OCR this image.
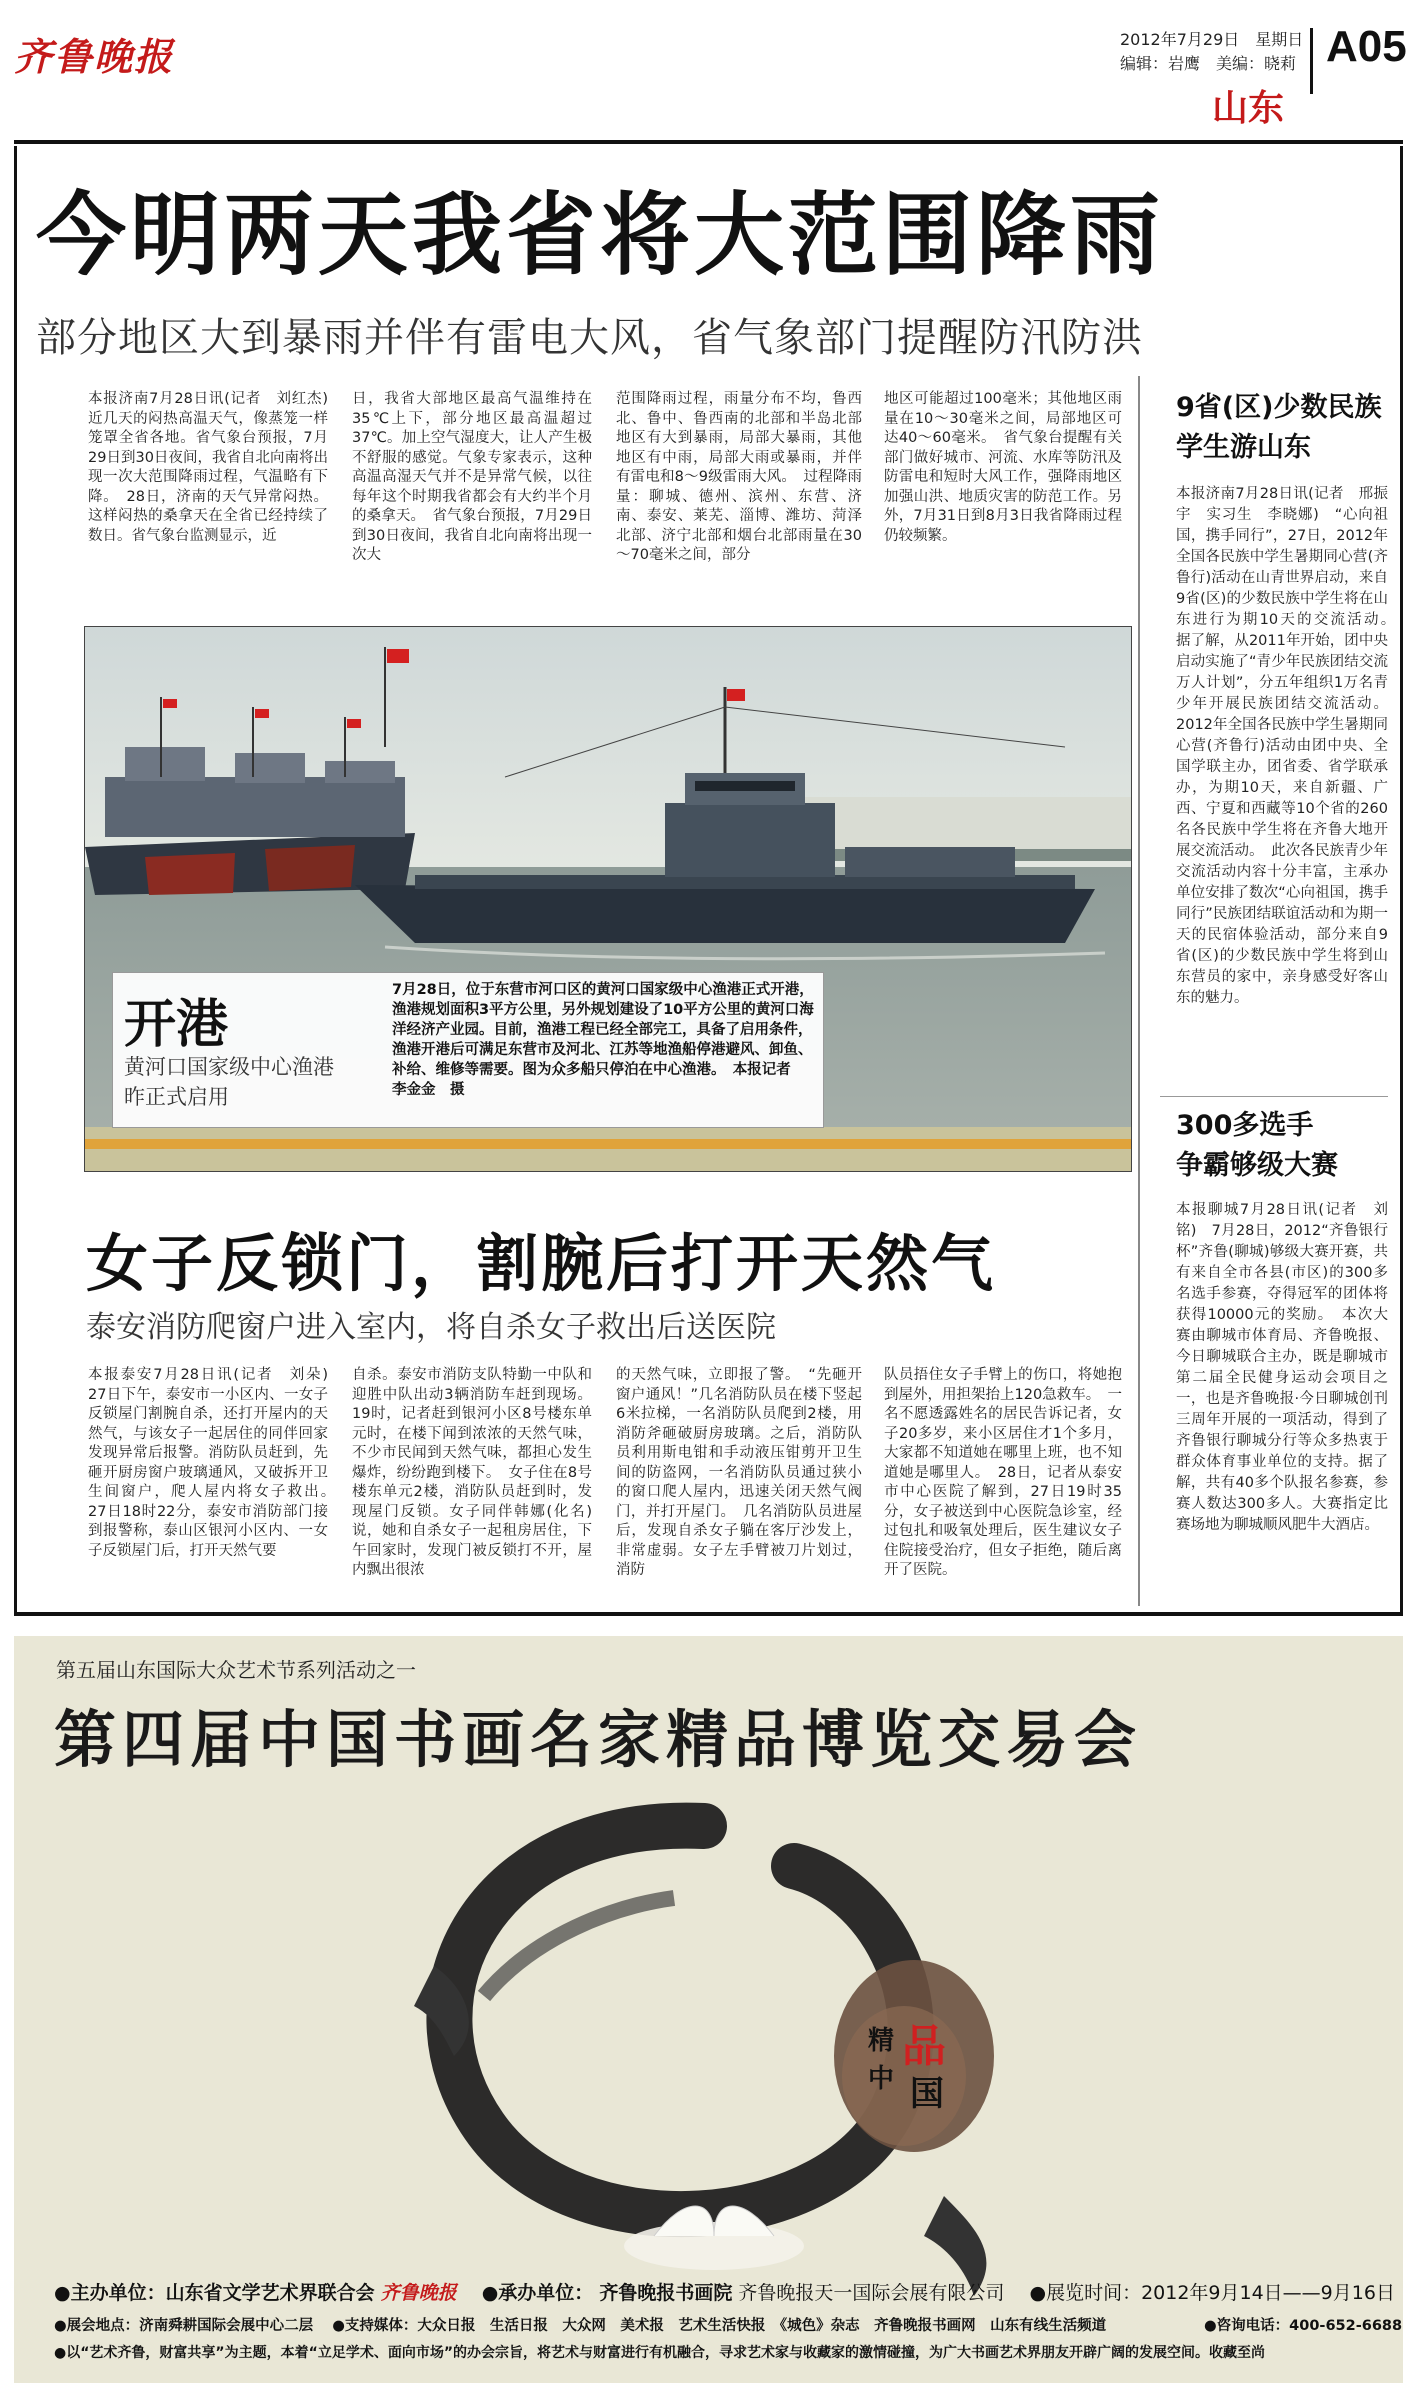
齐鲁晚报	2012年7月29日　星期日
编辑：岩鹰　美编：晓莉 A05
山东
今明两天我省将大范围降雨
部分地区大到暴雨并伴有雷电大风，省气象部门提醒防汛防洪
本报济南7月28日讯(记者　刘红杰)　近几天的闷热高温天气，像蒸笼一样笼罩全省各地。省气象台预报，7月29日到30日夜间，我省自北向南将出现一次大范围降雨过程，气温略有下降。　28日，济南的天气异常闷热。这样闷热的桑拿天在全省已经持续了数日。省气象台监测显示，近
日，我省大部地区最高气温维持在35℃上下，部分地区最高温超过37℃。加上空气湿度大，让人产生极不舒服的感觉。气象专家表示，这种高温高湿天气并不是异常气候，以往每年这个时期我省都会有大约半个月的桑拿天。　省气象台预报，7月29日到30日夜间，我省自北向南将出现一次大
范围降雨过程，雨量分布不均，鲁西北、鲁中、鲁西南的北部和半岛北部地区有大到暴雨，局部大暴雨，其他地区有中雨，局部大雨或暴雨，并伴有雷电和8～9级雷雨大风。　过程降雨量：聊城、德州、滨州、东营、济南、泰安、莱芜、淄博、潍坊、菏泽北部、济宁北部和烟台北部雨量在30～70毫米之间，部分
地区可能超过100毫米；其他地区雨量在10～30毫米之间，局部地区可达40～60毫米。　省气象台提醒有关部门做好城市、河流、水库等防汛及防雷电和短时大风工作，强降雨地区加强山洪、地质灾害的防范工作。另外，7月31日到8月3日我省降雨过程仍较频繁。
开港
黄河口国家级中心渔港
昨正式启用
7月28日，位于东营市河口区的黄河口国家级中心渔港正式开港，渔港规划面积3平方公里，另外规划建设了10平方公里的黄河口海洋经济产业园。目前，渔港工程已经全部完工，具备了启用条件，渔港开港后可满足东营市及河北、江苏等地渔船停港避风、卸鱼、补给、维修等需要。图为众多船只停泊在中心渔港。　本报记者　李金金　摄
女子反锁门，割腕后打开天然气
泰安消防爬窗户进入室内，将自杀女子救出后送医院
本报泰安7月28日讯(记者　刘朵)　27日下午，泰安市一小区内、一女子反锁屋门割腕自杀，还打开屋内的天然气，与该女子一起居住的同伴回家发现异常后报警。消防队员赶到，先砸开厨房窗户玻璃通风，又破拆开卫生间窗户，爬人屋内将女子救出。　27日18时22分，泰安市消防部门接到报警称，泰山区银河小区内、一女子反锁屋门后，打开天然气要
自杀。泰安市消防支队特勤一中队和迎胜中队出动3辆消防车赶到现场。19时，记者赶到银河小区8号楼东单元时，在楼下闻到浓浓的天然气味，不少市民闻到天然气味，都担心发生爆炸，纷纷跑到楼下。　女子住在8号楼东单元2楼，消防队员赶到时，发现屋门反锁。女子同伴韩娜(化名)说，她和自杀女子一起租房居住，下午回家时，发现门被反锁打不开，屋内飘出很浓
的天然气味，立即报了警。　“先砸开窗户通风！”几名消防队员在楼下竖起6米拉梯，一名消防队员爬到2楼，用消防斧砸破厨房玻璃。之后，消防队员利用斯电钳和手动液压钳剪开卫生间的防盗网，一名消防队员通过狭小的窗口爬人屋内，迅速关闭天然气阀门，并打开屋门。　几名消防队员进屋后，发现自杀女子躺在客厅沙发上，非常虚弱。女子左手臂被刀片划过，消防
队员捂住女子手臂上的伤口，将她抱到屋外，用担架抬上120急救车。　一名不愿透露姓名的居民告诉记者，女子20多岁，来小区居住才1个多月，大家都不知道她在哪里上班，也不知道她是哪里人。　28日，记者从泰安市中心医院了解到，27日19时35分，女子被送到中心医院急诊室，经过包扎和吸氧处理后，医生建议女子住院接受治疗，但女子拒绝，随后离开了医院。
9省(区)少数民族
学生游山东
本报济南7月28日讯(记者　邢振宇　实习生　李晓娜)　“心向祖国，携手同行”，27日，2012年全国各民族中学生暑期同心营(齐鲁行)活动在山青世界启动，来自9省(区)的少数民族中学生将在山东进行为期10天的交流活动。　据了解，从2011年开始，团中央启动实施了“青少年民族团结交流万人计划”，分五年组织1万名青少年开展民族团结交流活动。2012年全国各民族中学生暑期同心营(齐鲁行)活动由团中央、全国学联主办，团省委、省学联承办，为期10天，来自新疆、广西、宁夏和西藏等10个省的260名各民族中学生将在齐鲁大地开展交流活动。　此次各民族青少年交流活动内容十分丰富，主承办单位安排了数次“心向祖国，携手同行”民族团结联谊活动和为期一天的民宿体验活动，部分来自9省(区)的少数民族中学生将到山东营员的家中，亲身感受好客山东的魅力。
300多选手
争霸够级大赛
本报聊城7月28日讯(记者　刘铭)　7月28日，2012“齐鲁银行杯”齐鲁(聊城)够级大赛开赛，共有来自全市各县(市区)的300多名选手参赛，夺得冠军的团体将获得10000元的奖励。　本次大赛由聊城市体育局、齐鲁晚报、今日聊城联合主办，既是聊城市第二届全民健身运动会项目之一，也是齐鲁晚报·今日聊城创刊三周年开展的一项活动，得到了齐鲁银行聊城分行等众多热衷于群众体育事业单位的支持。据了解，共有40多个队报名参赛，参赛人数达300多人。大赛指定比赛场地为聊城顺风肥牛大酒店。
精 品
中 国
第五届山东国际大众艺术节系列活动之一
第四届中国书画名家精品博览交易会
●主办单位：山东省文学艺术界联合会 齐鲁晚报 　●承办单位： 齐鲁晚报书画院 齐鲁晚报天一国际会展有限公司 　●展览时间：2012年9月14日——9月16日
●展会地点：济南舜耕国际会展中心二层 　●支持媒体：大众日报　生活日报　大众网　美术报　艺术生活快报　《城色》杂志　齐鲁晚报书画网　山东有线生活频道	●咨询电话：400-652-6688
●以“艺术齐鲁，财富共享”为主题，本着“立足学术、面向市场”的办会宗旨，将艺术与财富进行有机融合，寻求艺术家与收藏家的激情碰撞，为广大书画艺术界朋友开辟广阔的发展空间。收藏至尚
